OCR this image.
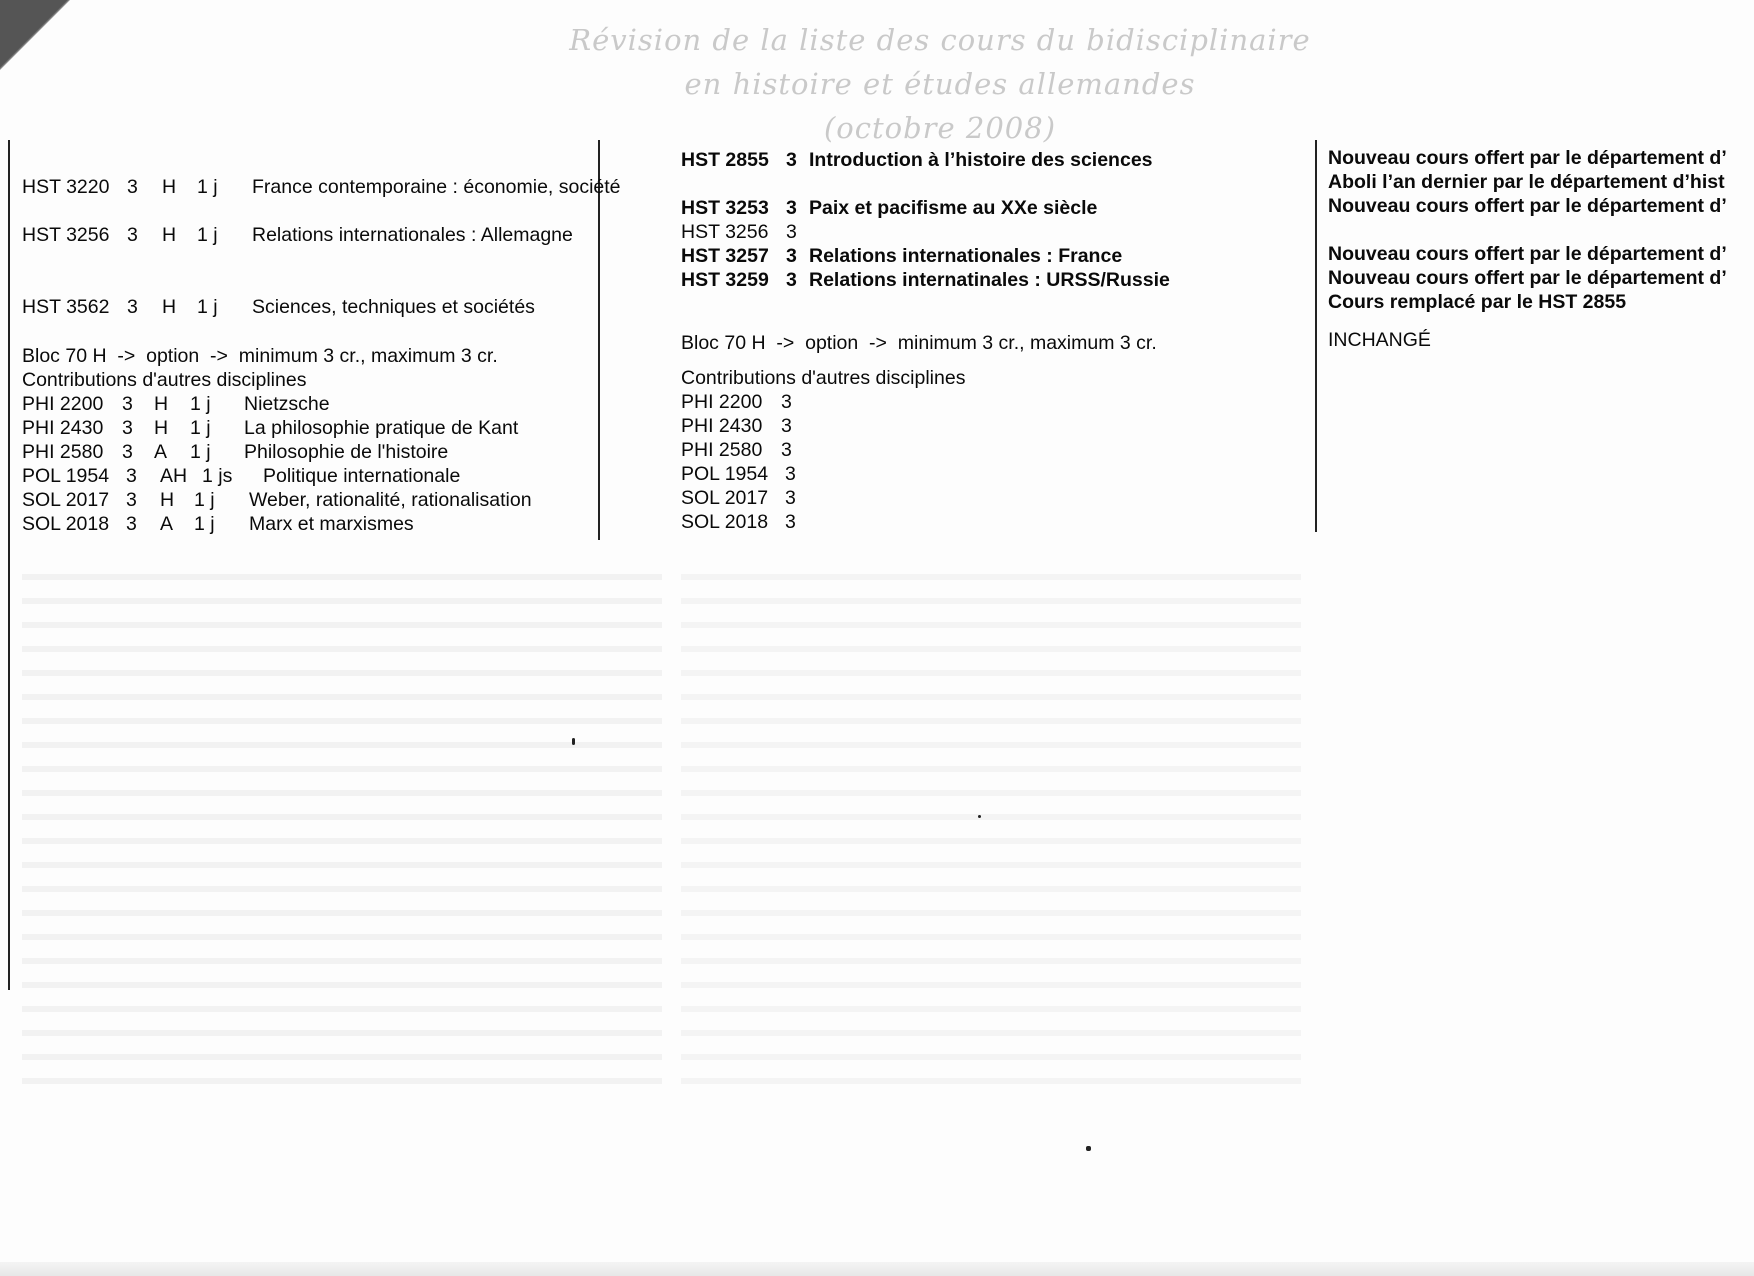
Révision de la liste des cours du bidisciplinaire
en histoire et études allemandes
(octobre 2008)
HST 3220 3 H 1 j France contemporaine : économie, société
HST 3256 3 H 1 j Relations internationales : Allemagne
HST 3562 3 H 1 j Sciences, techniques et sociétés
Bloc 70 H  ->  option  ->  minimum 3 cr., maximum 3 cr.
Contributions d'autres disciplines
PHI 2200 3 H 1 j Nietzsche
PHI 2430 3 H 1 j La philosophie pratique de Kant
PHI 2580 3 A 1 j Philosophie de l'histoire
POL 1954 3 AH 1 js Politique internationale
SOL 2017 3 H 1 j Weber, rationalité, rationalisation
SOL 2018 3 A 1 j Marx et marxismes
HST 2855 3 Introduction à l’histoire des sciences
HST 3253 3 Paix et pacifisme au XXe siècle
HST 3256 3
HST 3257 3 Relations internationales : France
HST 3259 3 Relations internatinales : URSS/Russie
Bloc 70 H  ->  option  ->  minimum 3 cr., maximum 3 cr.
Contributions d'autres disciplines
PHI 2200 3
PHI 2430 3
PHI 2580 3
POL 1954 3
SOL 2017 3
SOL 2018 3
Nouveau cours offert par le département d’
Aboli l’an dernier par le département d’hist
Nouveau cours offert par le département d’
Nouveau cours offert par le département d’
Nouveau cours offert par le département d’
Cours remplacé par le HST 2855
INCHANGÉ
